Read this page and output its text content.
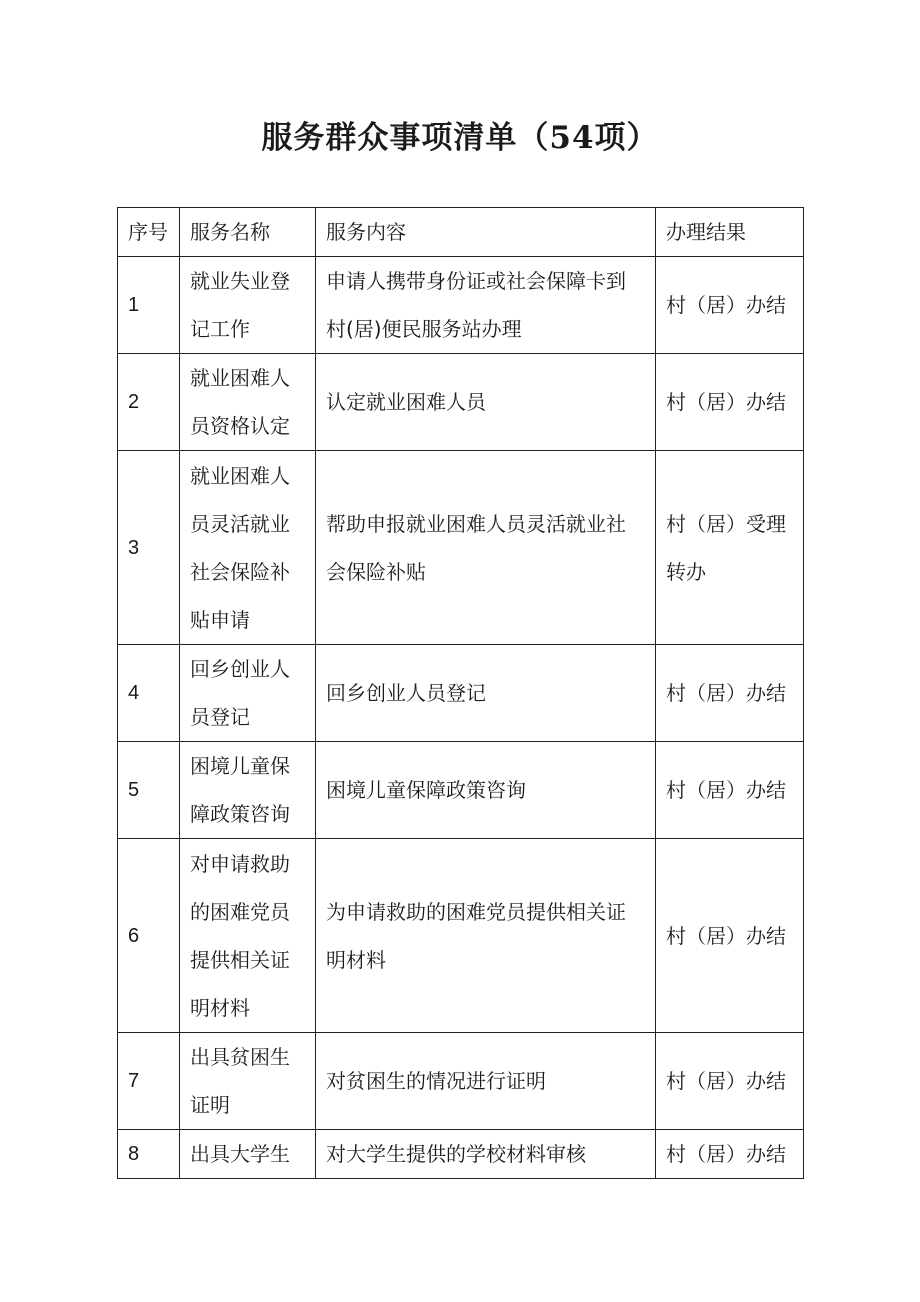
服务群众事项清单（54项）
序号	服务名称	服务内容	办理结果
1	就业失业登记工作	申请人携带身份证或社会保障卡到村(居)便民服务站办理	村（居）办结
2	就业困难人员资格认定	认定就业困难人员	村（居）办结
3	就业困难人员灵活就业社会保险补贴申请	帮助申报就业困难人员灵活就业社会保险补贴	村（居）受理转办
4	回乡创业人员登记	回乡创业人员登记	村（居）办结
5	困境儿童保障政策咨询	困境儿童保障政策咨询	村（居）办结
6	对申请救助的困难党员提供相关证明材料	为申请救助的困难党员提供相关证明材料	村（居）办结
7	出具贫困生证明	对贫困生的情况进行证明	村（居）办结
8	出具大学生	对大学生提供的学校材料审核	村（居）办结
